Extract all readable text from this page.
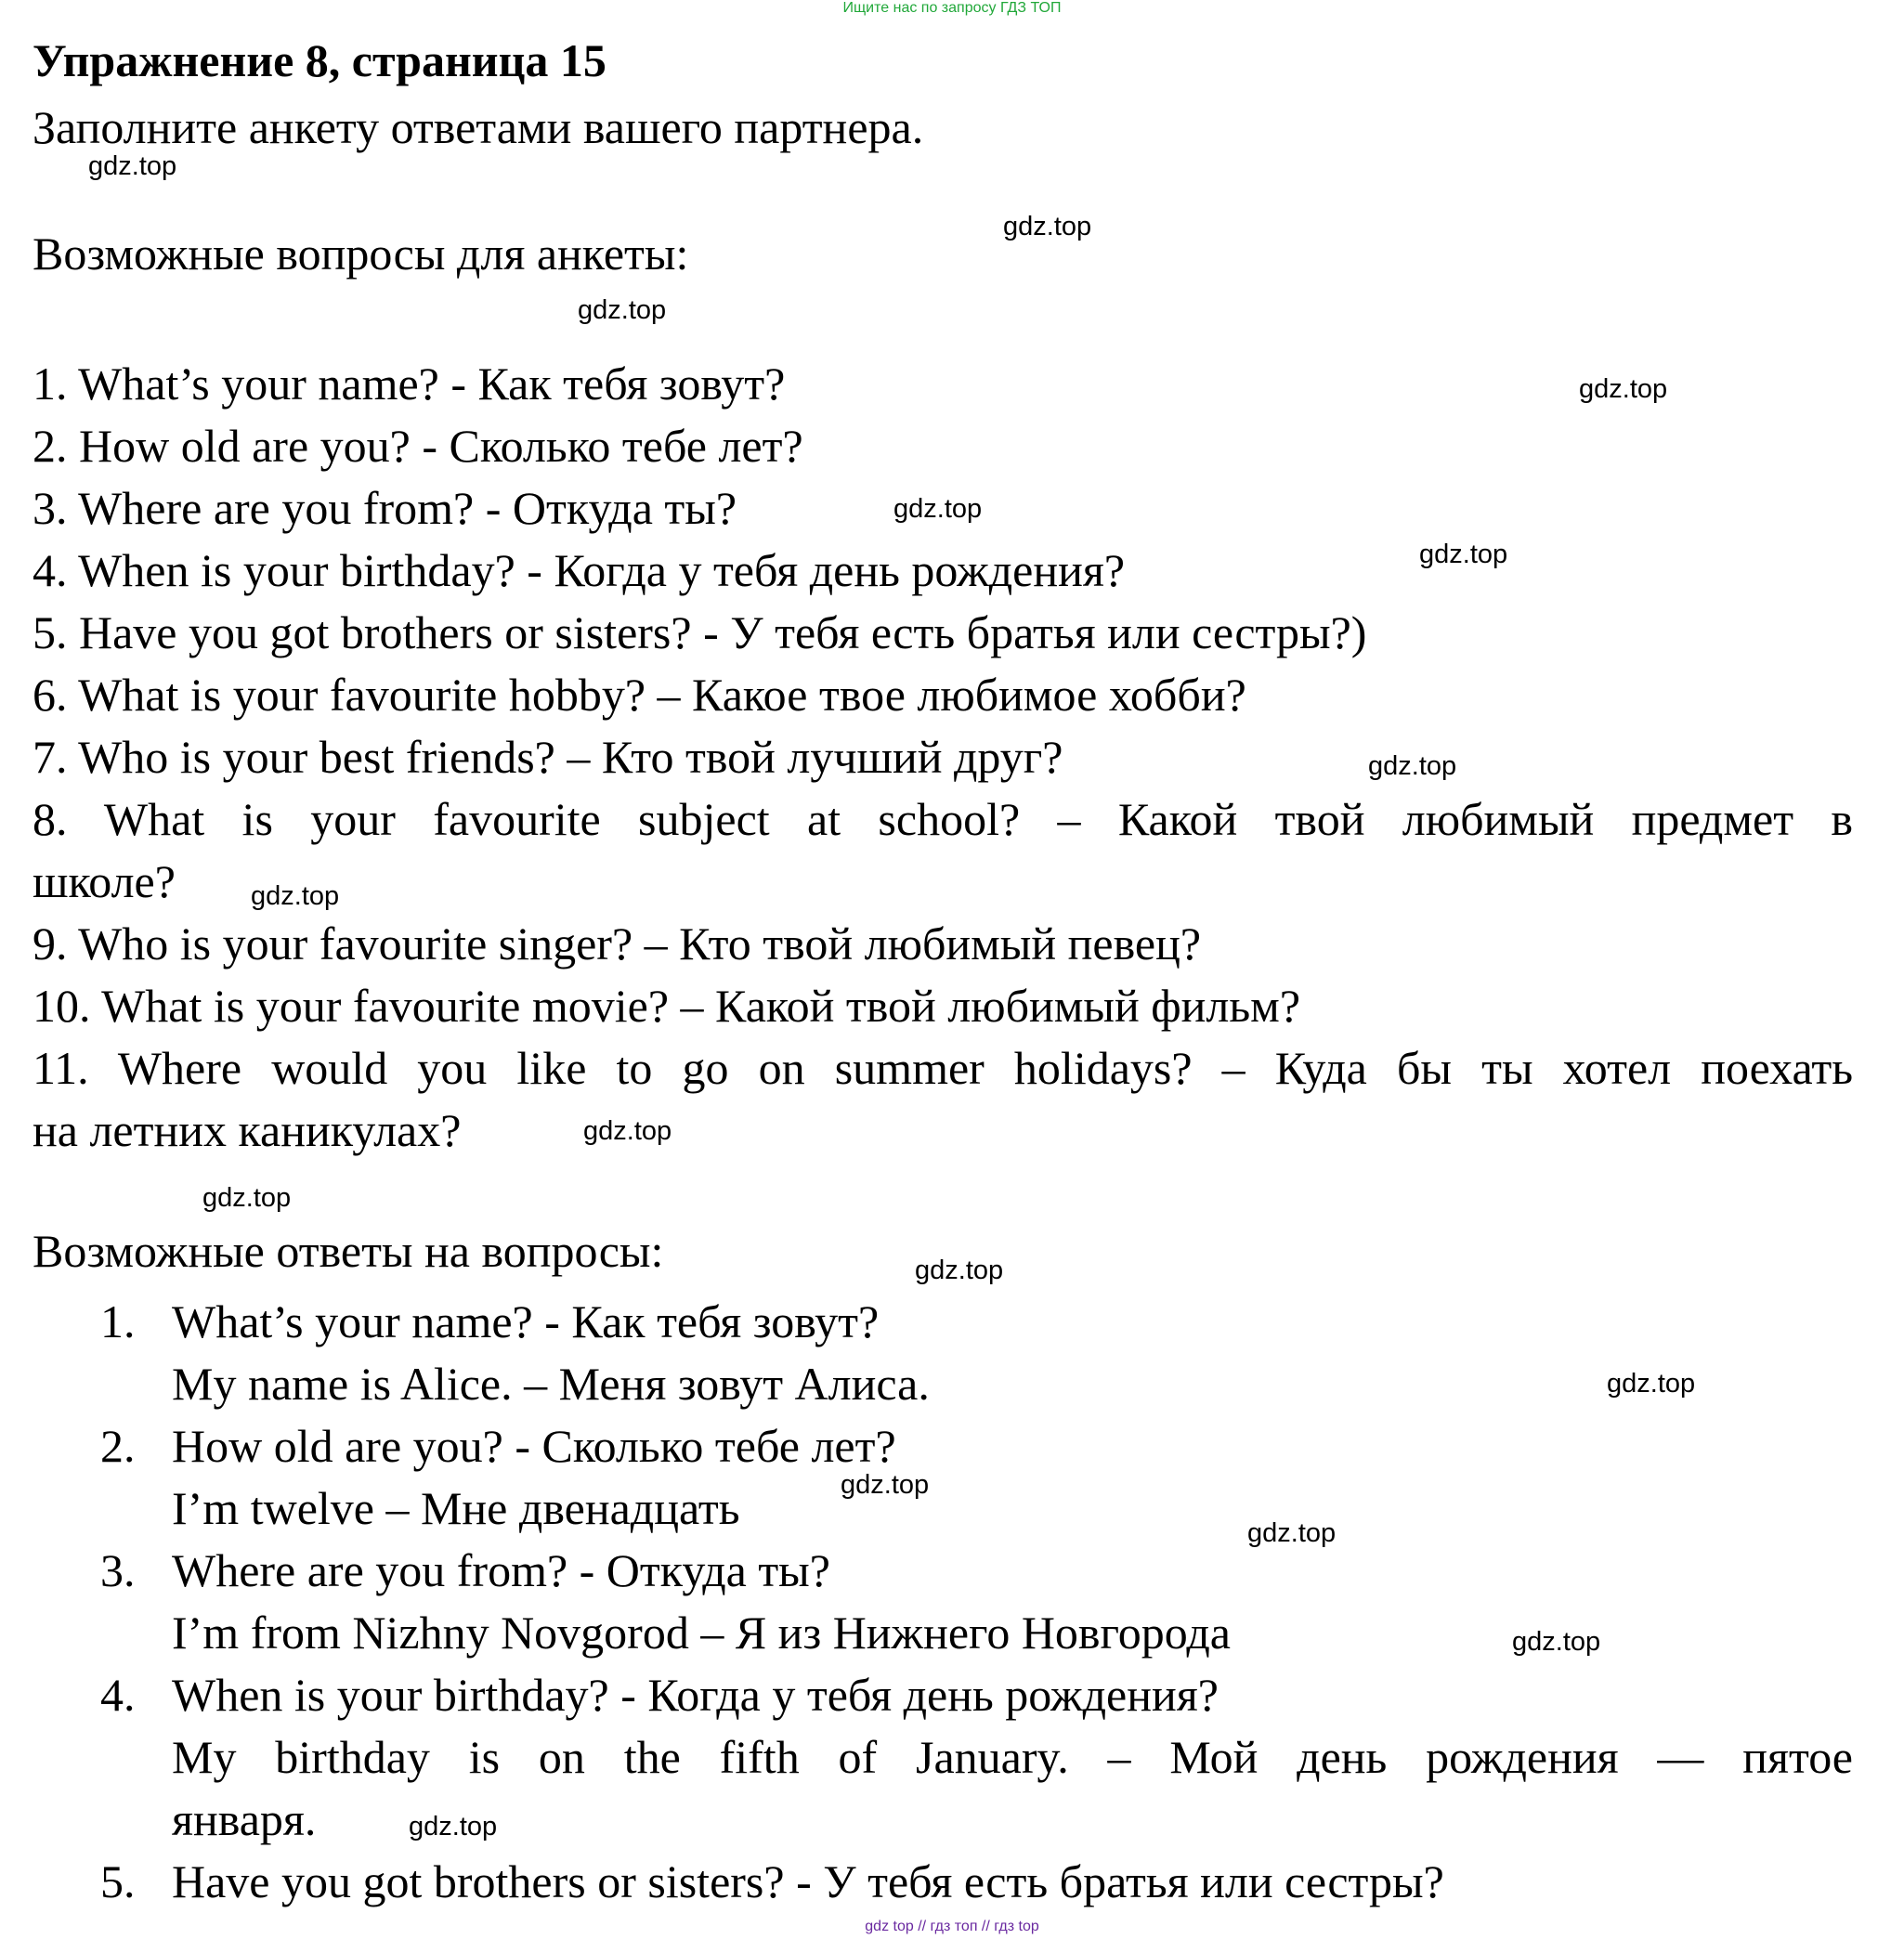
Ищите нас по запросу ГДЗ ТОП
Упражнение 8, страница 15
Заполните анкету ответами вашего партнера.
Возможные вопросы для анкеты:
1. What’s your name? - Как тебя зовут?
2. How old are you? - Сколько тебе лет?
3. Where are you from? - Откуда ты?
4. When is your birthday? - Когда у тебя день рождения?
5. Have you got brothers or sisters? - У тебя есть братья или сестры?)
6. What is your favourite hobby? – Какое твое любимое хобби?
7. Who is your best friends? – Кто твой лучший друг?
8. What is your favourite subject at school? – Какой твой любимый предмет в
школе?
9. Who is your favourite singer? – Кто твой любимый певец?
10. What is your favourite movie? – Какой твой любимый фильм?
11. Where would you like to go on summer holidays? – Куда бы ты хотел поехать
на летних каникулах?
Возможные ответы на вопросы:
1. What’s your name? - Как тебя зовут?
My name is Alice. – Меня зовут Алиса.
2. How old are you? - Сколько тебе лет?
I’m twelve – Мне двенадцать
3. Where are you from? - Откуда ты?
I’m from Nizhny Novgorod – Я из Нижнего Новгорода
4. When is your birthday? - Когда у тебя день рождения?
My birthday is on the fifth of January. – Мой день рождения — пятое
января.
5. Have you got brothers or sisters? - У тебя есть братья или сестры?
gdz.top
gdz.top
gdz.top
gdz.top
gdz.top
gdz.top
gdz.top
gdz.top
gdz.top
gdz.top
gdz.top
gdz.top
gdz.top
gdz.top
gdz.top
gdz.top
gdz top // гдз топ // гдз top
